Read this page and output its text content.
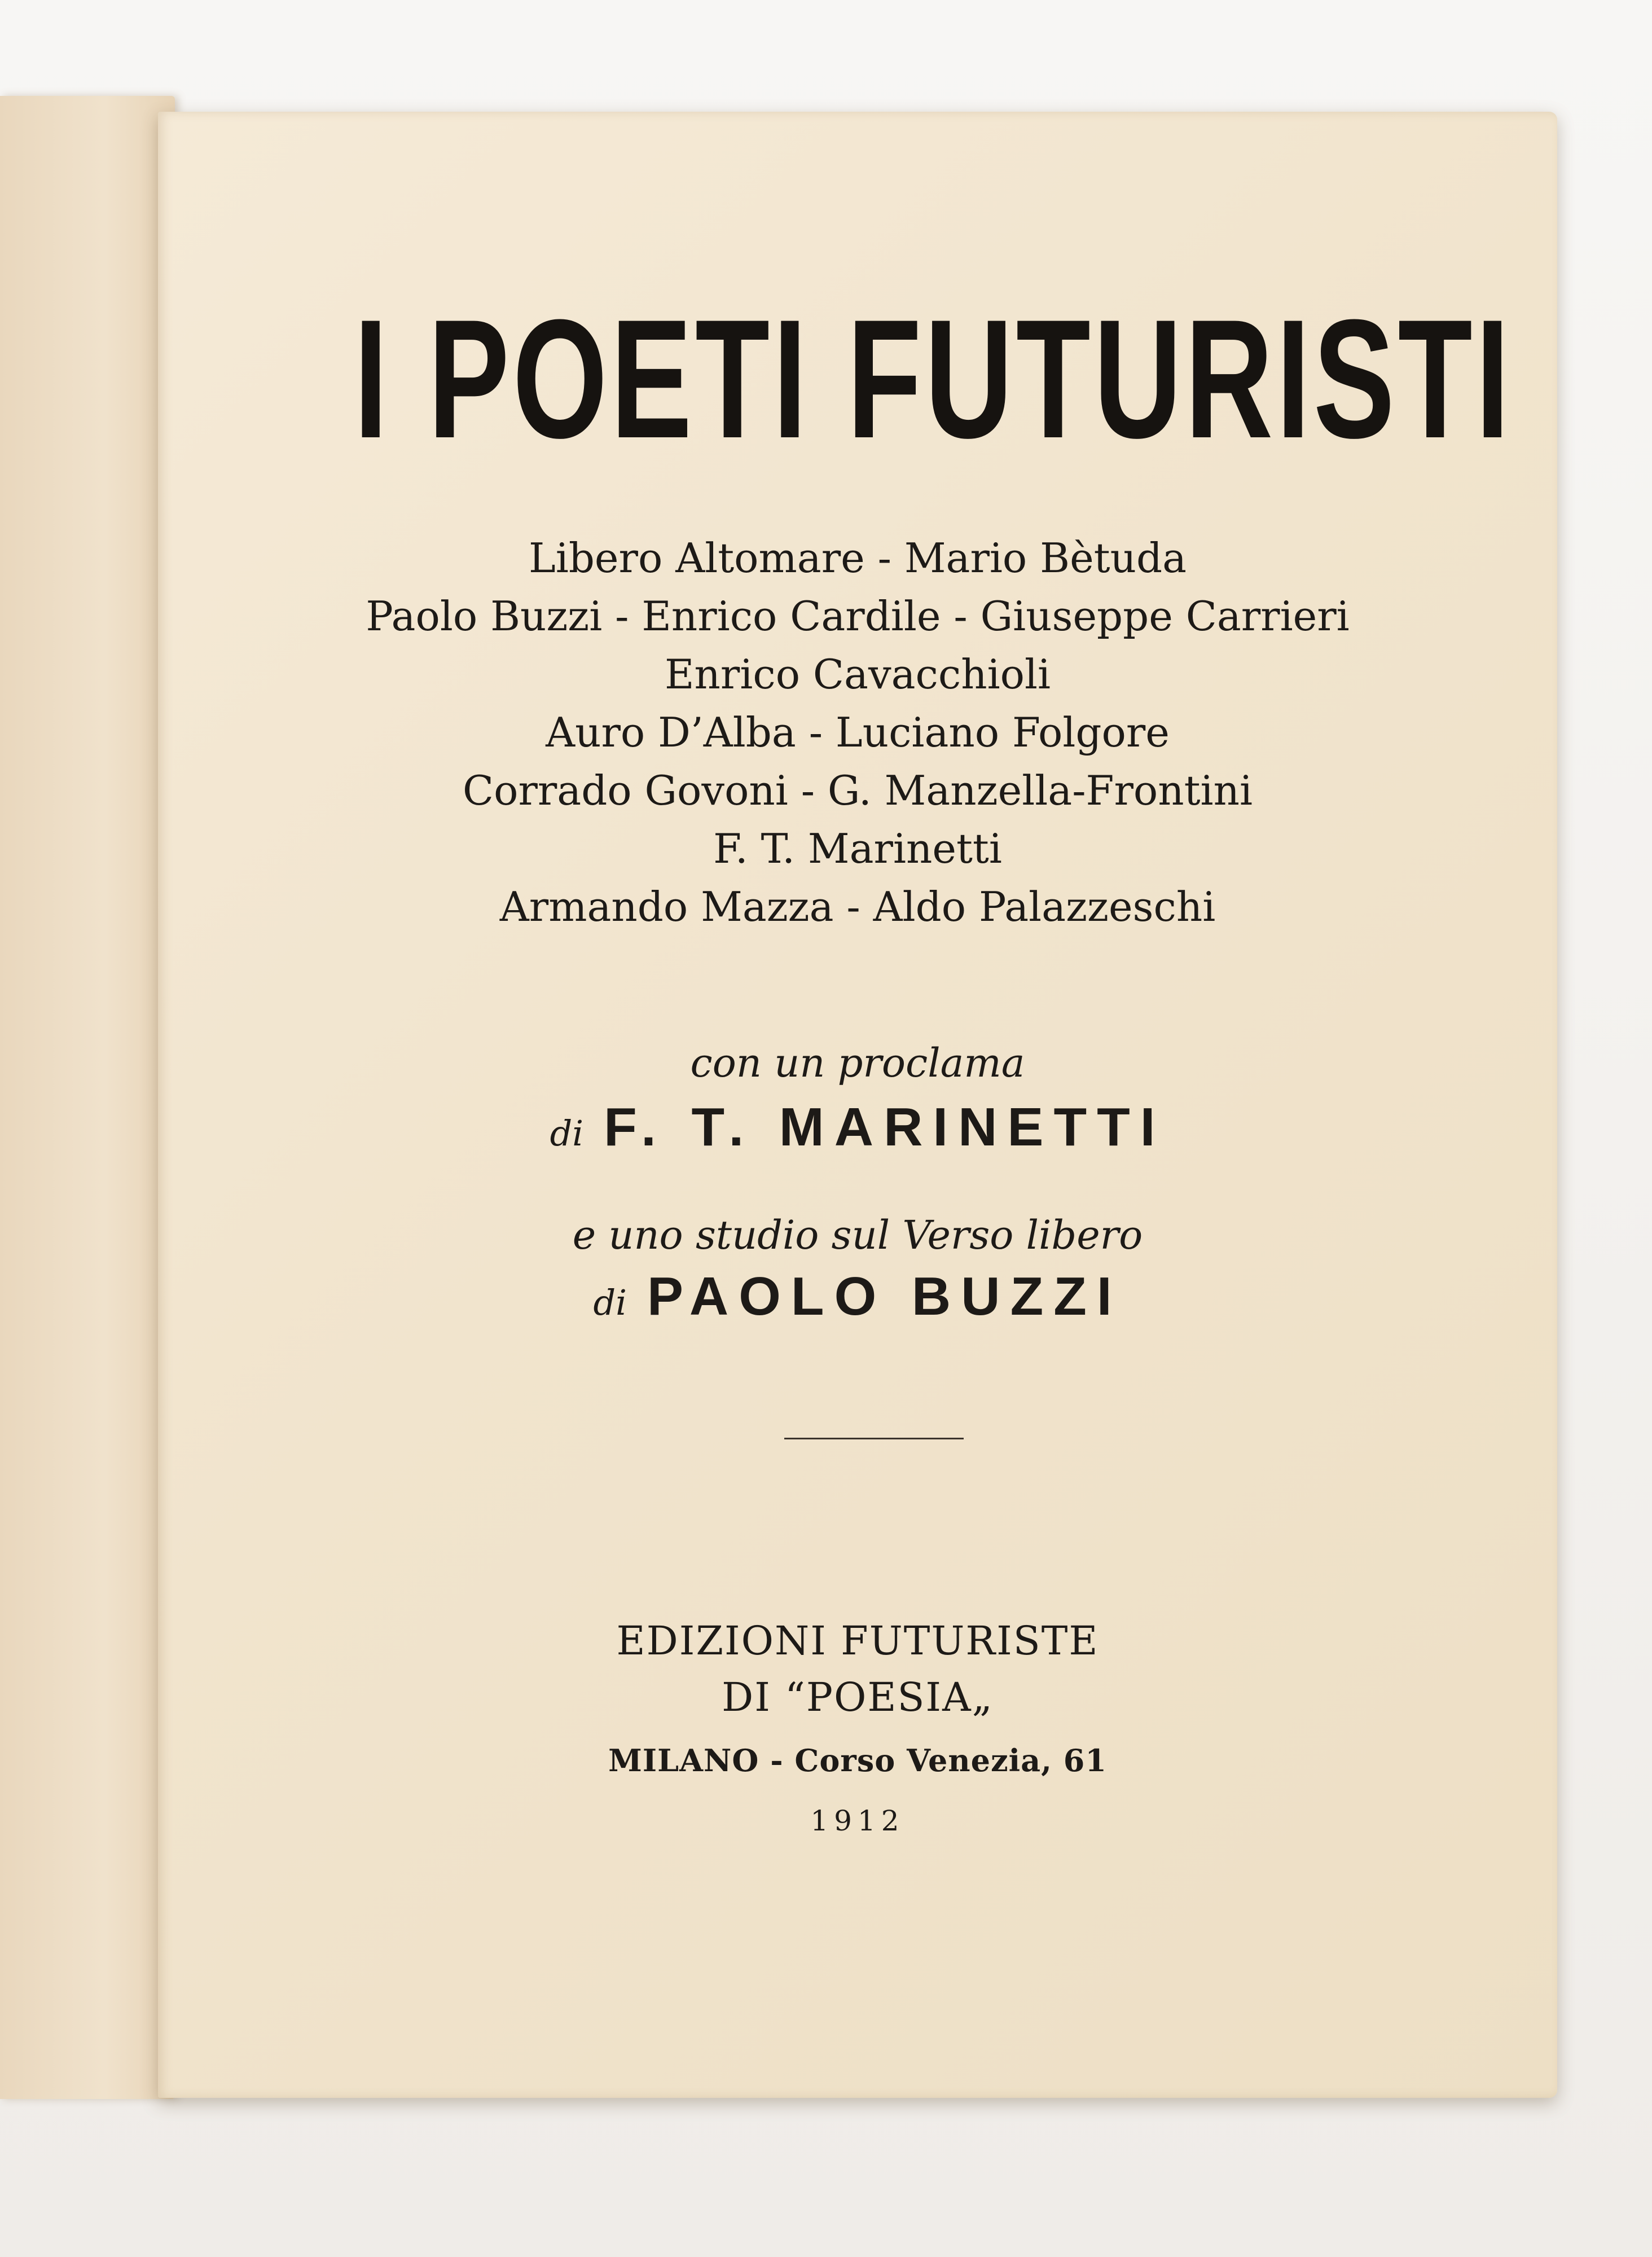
I POETI FUTURISTI
Libero Altomare - Mario Bètuda
Paolo Buzzi - Enrico Cardile - Giuseppe Carrieri
Enrico Cavacchioli
Auro D’Alba - Luciano Folgore
Corrado Govoni - G. Manzella-Frontini
F. T. Marinetti
Armando Mazza - Aldo Palazzeschi
con un proclama
di F. T. MARINETTI
e uno studio sul Verso libero
di PAOLO BUZZI
EDIZIONI FUTURISTE
DI “POESIA„
MILANO - Corso Venezia, 61
1912
